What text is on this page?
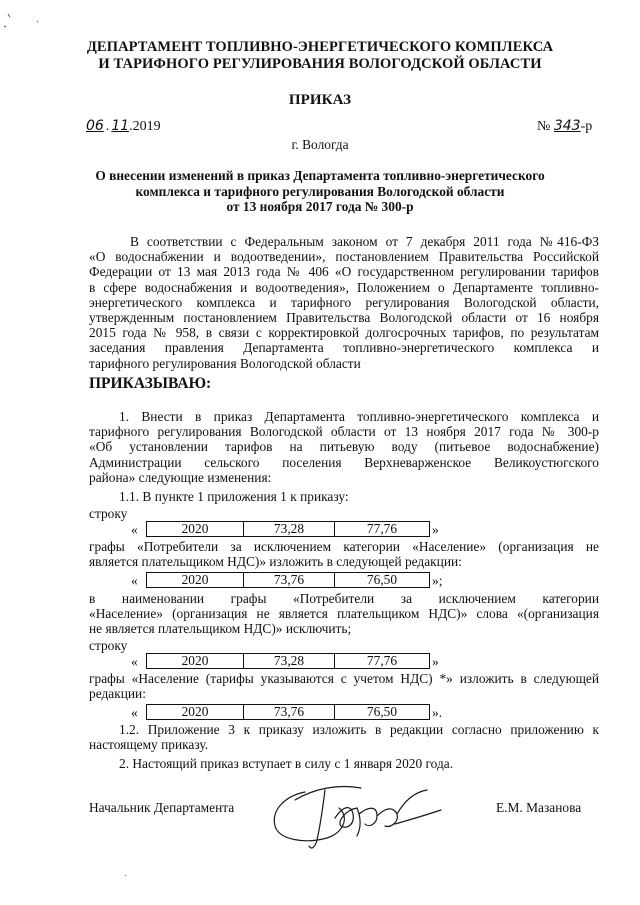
ДЕПАРТАМЕНТ ТОПЛИВНО-ЭНЕРГЕТИЧЕСКОГО КОМПЛЕКСА
И ТАРИФНОГО РЕГУЛИРОВАНИЯ ВОЛОГОДСКОЙ ОБЛАСТИ
ПРИКАЗ
06 . 11.2019	№ 343-р
г. Вологда
О внесении изменений в приказ Департамента топливно-энергетического
комплекса и тарифного регулирования Вологодской области
от 13 ноября 2017 года № 300-р
В соответствии с Федеральным законом от 7 декабря 2011 года №416-ФЗ
«О водоснабжении и водоотведении», постановлением Правительства Российской
Федерации от 13 мая 2013 года № 406 «О государственном регулировании тарифов
в сфере водоснабжения и водоотведения», Положением о Департаменте топливно-
энергетического комплекса и тарифного регулирования Вологодской области,
утвержденным постановлением Правительства Вологодской области от 16 ноября
2015 года № 958, в связи с корректировкой долгосрочных тарифов, по результатам
заседания правления Департамента топливно-энергетического комплекса и
тарифного регулирования Вологодской области
ПРИКАЗЫВАЮ:
1. Внести в приказ Департамента топливно-энергетического комплекса и
тарифного регулирования Вологодской области от 13 ноября 2017 года № 300-р
«Об установлении тарифов на питьевую воду (питьевое водоснабжение)
Администрации сельского поселения Верхневарженское Великоустюгского
района» следующие изменения:
1.1. В пункте 1 приложения 1 к приказу:
строку
«	2020	73,28	77,76	»
графы «Потребители за исключением категории «Население» (организация не
является плательщиком НДС)» изложить в следующей редакции:
«	2020	73,76	76,50	»;
в наименовании графы «Потребители за исключением категории
«Население» (организация не является плательщиком НДС)» слова «(организация
не является плательщиком НДС)» исключить;
строку
«	2020	73,28	77,76	»
графы «Население (тарифы указываются с учетом НДС) *» изложить в следующей
редакции:
«	2020	73,76	76,50	».
1.2. Приложение 3 к приказу изложить в редакции согласно приложению к
настоящему приказу.
2. Настоящий приказ вступает в силу с 1 января 2020 года.
Начальник Департамента	Е.М. Мазанова
